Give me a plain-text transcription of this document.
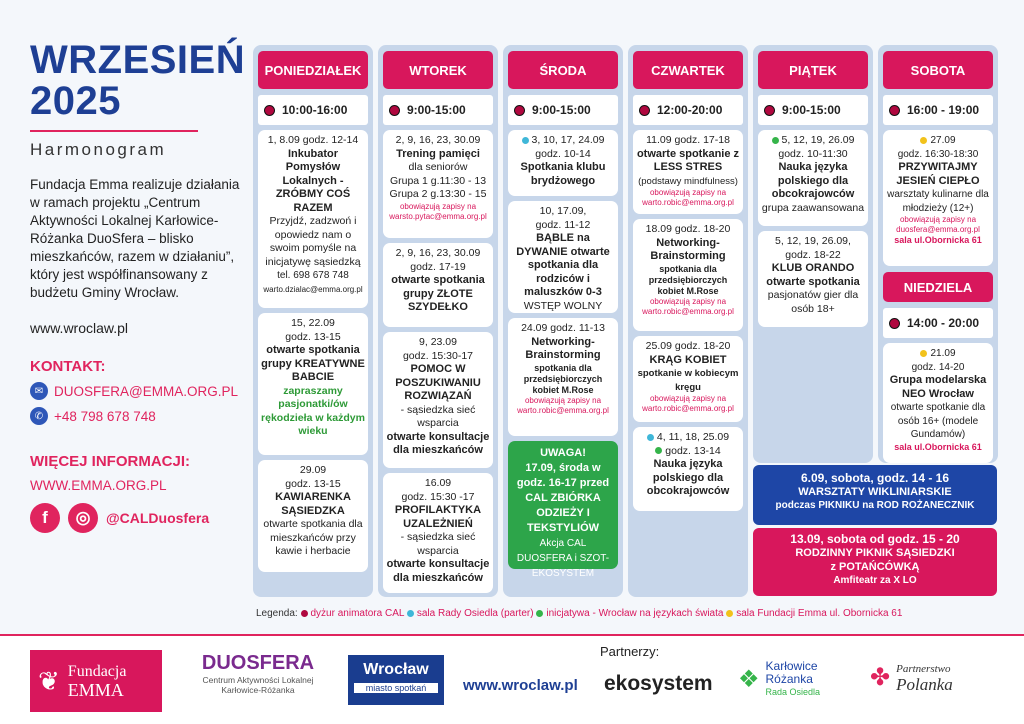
WRZESIEŃ
2025
Harmonogram
Fundacja Emma realizuje działania w ramach projektu „Centrum Aktywności Lokalnej Karłowice-Różanka DuoSfera – blisko mieszkańców, razem w działaniu”, który jest współfinansowany z budżetu Gminy Wrocław.
www.wroclaw.pl
KONTAKT:
✉ DUOSFERA@EMMA.ORG.PL
✆ +48 798 678 748
WIĘCEJ INFORMACJI:
WWW.EMMA.ORG.PL
f	◎	@CALDuosfera
PONIEDZIAŁEK
10:00-16:00
1, 8.09 godz. 12-14
Inkubator Pomysłów Lokalnych - ZRÓBMY COŚ RAZEM
Przyjdź, zadzwoń i opowiedz nam o swoim pomyśle na inicjatywę sąsiedzką
tel. 698 678 748
warto.dzialac@emma.org.pl
15, 22.09
godz. 13-15
otwarte spotkania grupy KREATYWNE BABCIE
zapraszamy pasjonatki/ów rękodzieła w każdym wieku
29.09
godz. 13-15
KAWIARENKA SĄSIEDZKA
otwarte spotkania dla mieszkańców przy kawie i herbacie
WTOREK
9:00-15:00
2, 9, 16, 23, 30.09
Trening pamięci
dla seniorów
Grupa 1 g.11:30 - 13
Grupa 2 g.13:30 - 15
obowiązują zapisy na warsto.pytac@emma.org.pl
2, 9, 16, 23, 30.09
godz. 17-19
otwarte spotkania grupy ZŁOTE SZYDEŁKO
9, 23.09
godz. 15:30-17
POMOC W POSZUKIWANIU ROZWIĄZAŃ
- sąsiedzka sieć wsparcia
otwarte konsultacje dla mieszkańców
16.09
godz. 15:30 -17
PROFILAKTYKA UZALEŻNIEŃ
- sąsiedzka sieć wsparcia
otwarte konsultacje dla mieszkańców
ŚRODA
9:00-15:00
3, 10, 17, 24.09
godz. 10-14
Spotkania klubu brydżowego
10, 17.09,
godz. 11-12
BĄBLE na DYWANIE otwarte spotkania dla rodziców i maluszków 0-3
WSTĘP WOLNY
24.09 godz. 11-13
Networking-Brainstorming
spotkania dla przedsiębiorczych kobiet M.Rose
obowiązują zapisy na warto.robic@emma.org.pl
UWAGA!
17.09, środa w godz. 16-17 przed CAL ZBIÓRKA ODZIEŻY I TEKSTYLIÓW
Akcja CAL DUOSFERA i SZOT-EKOSYSTEM
CZWARTEK
12:00-20:00
11.09 godz. 17-18
otwarte spotkanie z LESS STRES
(podstawy mindfulness)
obowiązują zapisy na warto.robic@emma.org.pl
18.09 godz. 18-20
Networking-Brainstorming
spotkania dla przedsiębiorczych kobiet M.Rose
obowiązują zapisy na warto.robic@emma.org.pl
25.09 godz. 18-20
KRĄG KOBIET
spotkanie w kobiecym kręgu
obowiązują zapisy na warto.robic@emma.org.pl
4, 11, 18, 25.09
godz. 13-14
Nauka języka polskiego dla obcokrajowców
PIĄTEK
9:00-15:00
5, 12, 19, 26.09
godz. 10-11:30
Nauka języka polskiego dla obcokrajowców
grupa zaawansowana
5, 12, 19, 26.09,
godz. 18-22
KLUB ORANDO
otwarte spotkania
pasjonatów gier dla osób 18+
SOBOTA
16:00 - 19:00
27.09
godz. 16:30-18:30
PRZYWITAJMY JESIEŃ CIEPŁO
warsztaty kulinarne dla młodzieży (12+)
obowiązują zapisy na duosfera@emma.org.pl
sala ul.Obornicka 61
NIEDZIELA
14:00 - 20:00
21.09
godz. 14-20
Grupa modelarska NEO Wrocław
otwarte spotkanie dla osób 16+ (modele Gundamów)
sala ul.Obornicka 61
6.09, sobota, godz. 14 - 16
WARSZTATY WIKLINIARSKIE
podczas PIKNIKU na ROD ROŻANECZNIK
13.09, sobota od godz. 15 - 20
RODZINNY PIKNIK SĄSIEDZKI
z POTAŃCÓWKĄ
Amfiteatr za X LO
Legenda: dyżur animatora CAL sala Rady Osiedla (parter) inicjatywa - Wrocław na językach świata sala Fundacji Emma ul. Obornicka 61
Partnerzy:
❦ Fundacja
EMMA
DUOSFERA
Centrum Aktywności Lokalnej Karłowice-Różanka
Wrocław
miasto spotkań	www.wroclaw.pl ekosystem ❖ Karłowice
Różanka
Rada Osiedla
✤ Partnerstwo
Polanka
